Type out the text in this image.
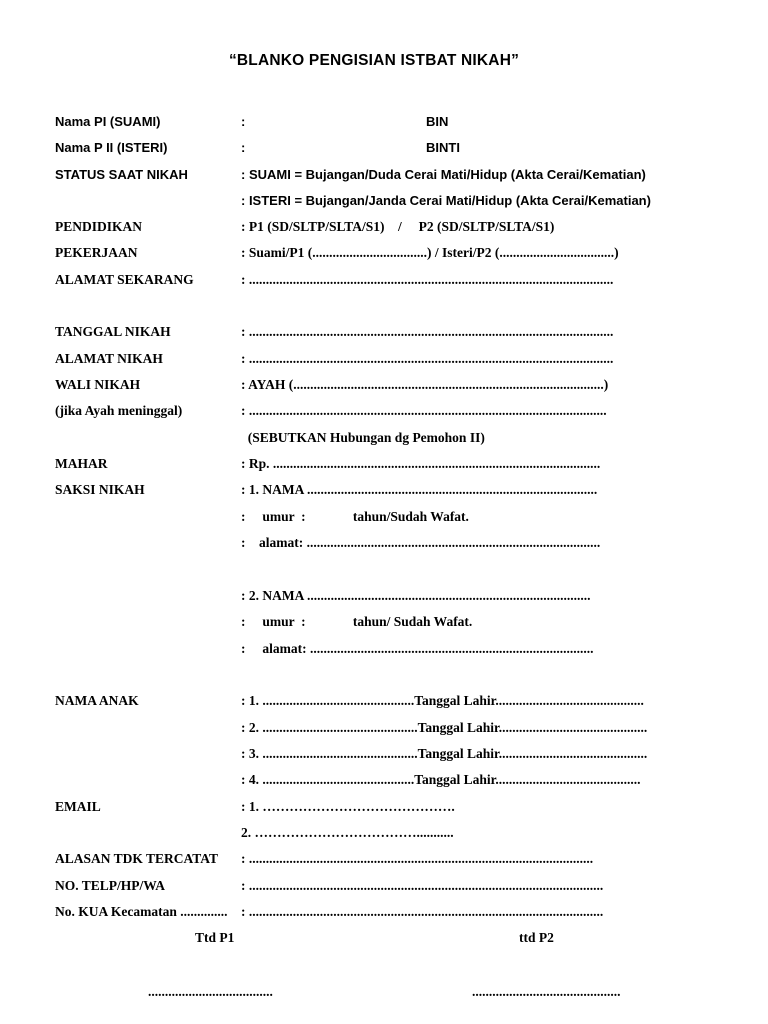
“BLANKO PENGISIAN ISTBAT NIKAH”
Nama PI (SUAMI)	:	BIN
Nama P II (ISTERI)	:	BINTI
STATUS SAAT NIKAH	: SUAMI = Bujangan/Duda Cerai Mati/Hidup (Akta Cerai/Kematian)
: ISTERI = Bujangan/Janda Cerai Mati/Hidup (Akta Cerai/Kematian)
PENDIDIKAN	: P1 (SD/SLTP/SLTA/S1)    /     P2 (SD/SLTP/SLTA/S1)
PEKERJAAN	: Suami/P1 (..................................) / Isteri/P2 (..................................)
ALAMAT SEKARANG	: ............................................................................................................
TANGGAL NIKAH	: ............................................................................................................
ALAMAT NIKAH	: ............................................................................................................
WALI NIKAH	: AYAH (............................................................................................)
(jika Ayah meninggal)	: ..........................................................................................................
(SEBUTKAN Hubungan dg Pemohon II)
MAHAR	: Rp. .................................................................................................
SAKSI NIKAH	: 1. NAMA ......................................................................................
:     umur  :              tahun/Sudah Wafat.
:    alamat: .......................................................................................
: 2. NAMA ....................................................................................
:     umur  :              tahun/ Sudah Wafat.
:     alamat: ....................................................................................
NAMA ANAK	: 1. .............................................Tanggal Lahir............................................
: 2. ..............................................Tanggal Lahir............................................
: 3. ..............................................Tanggal Lahir............................................
: 4. .............................................Tanggal Lahir...........................................
EMAIL	: 1. …………………………………….
2. ………………………………...........
ALASAN TDK TERCATAT : ......................................................................................................
NO. TELP/HP/WA	: .........................................................................................................
No. KUA Kecamatan .............. : .........................................................................................................
Ttd P1	ttd P2
.....................................	............................................
